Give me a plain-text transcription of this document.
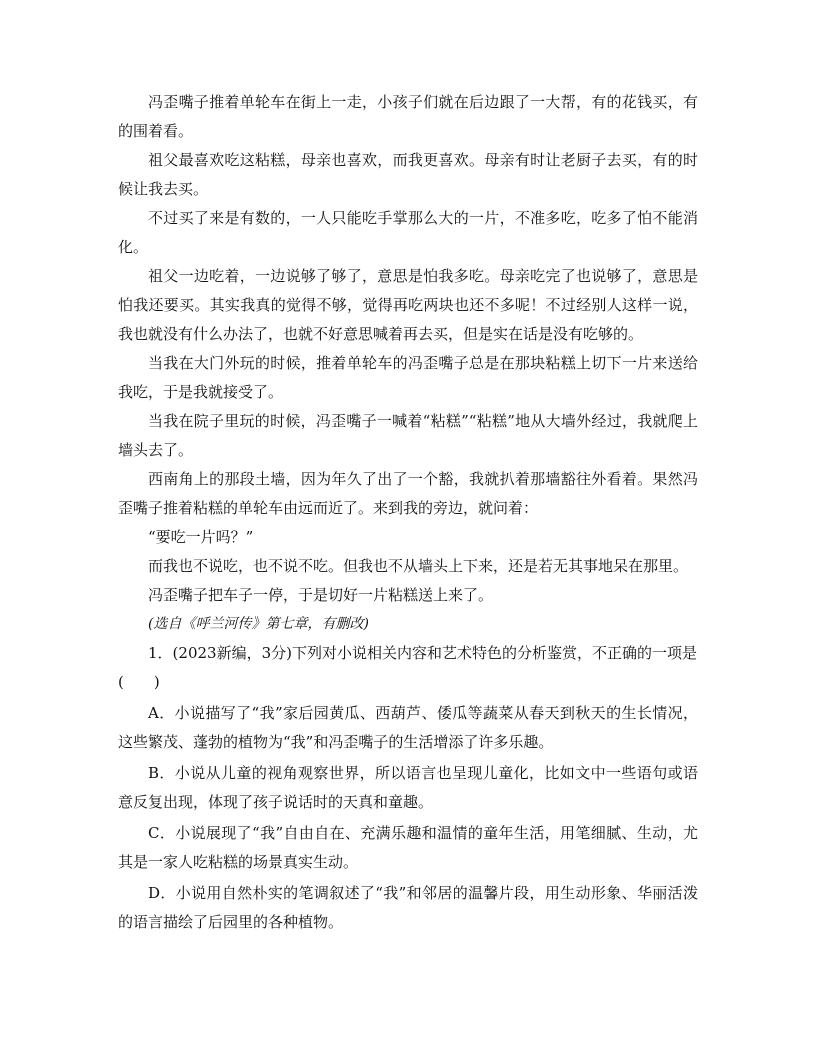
冯歪嘴子推着单轮车在街上一走，小孩子们就在后边跟了一大帮，有的花钱买，有的围着看。

祖父最喜欢吃这粘糕，母亲也喜欢，而我更喜欢。母亲有时让老厨子去买，有的时候让我去买。

不过买了来是有数的，一人只能吃手掌那么大的一片，不准多吃，吃多了怕不能消化。

祖父一边吃着，一边说够了够了，意思是怕我多吃。母亲吃完了也说够了，意思是怕我还要买。其实我真的觉得不够，觉得再吃两块也还不多呢！不过经别人这样一说，我也就没有什么办法了，也就不好意思喊着再去买，但是实在话是没有吃够的。

当我在大门外玩的时候，推着单轮车的冯歪嘴子总是在那块粘糕上切下一片来送给我吃，于是我就接受了。

当我在院子里玩的时候，冯歪嘴子一喊着“粘糕”“粘糕”地从大墙外经过，我就爬上墙头去了。

西南角上的那段土墙，因为年久了出了一个豁，我就扒着那墙豁往外看着。果然冯歪嘴子推着粘糕的单轮车由远而近了。来到我的旁边，就问着：

“要吃一片吗？”

而我也不说吃，也不说不吃。但我也不从墙头上下来，还是若无其事地呆在那里。

冯歪嘴子把车子一停，于是切好一片粘糕送上来了。

(选自《呼兰河传》第七章，有删改)

1．(2023新编，3分)下列对小说相关内容和艺术特色的分析鉴赏，不正确的一项是

(　　)

A．小说描写了“我”家后园黄瓜、西葫芦、倭瓜等蔬菜从春天到秋天的生长情况，这些繁茂、蓬勃的植物为“我”和冯歪嘴子的生活增添了许多乐趣。

B．小说从儿童的视角观察世界，所以语言也呈现儿童化，比如文中一些语句或语意反复出现，体现了孩子说话时的天真和童趣。

C．小说展现了“我”自由自在、充满乐趣和温情的童年生活，用笔细腻、生动，尤其是一家人吃粘糕的场景真实生动。

D．小说用自然朴实的笔调叙述了“我”和邻居的温馨片段，用生动形象、华丽活泼的语言描绘了后园里的各种植物。
